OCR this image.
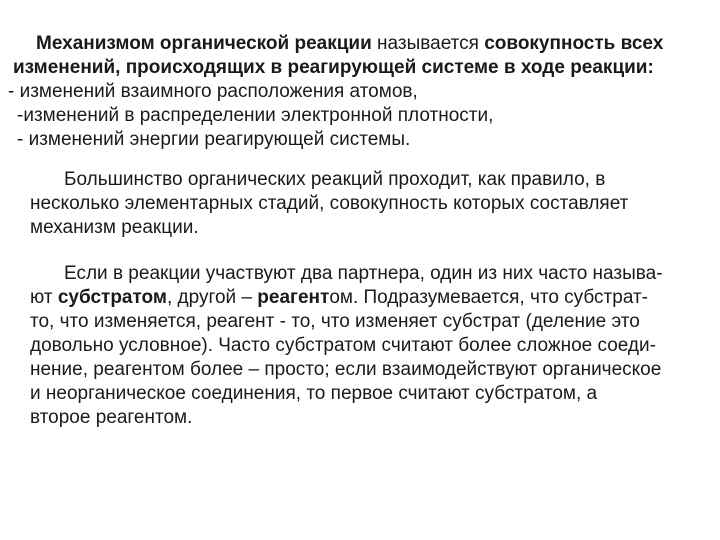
Механизмом органической реакции называется совокупность всех
изменений, происходящих в реагирующей системе в ходе реакции:
- изменений взаимного расположения атомов,
-изменений в распределении электронной плотности,
- изменений энергии реагирующей системы.
Большинство органических реакций проходит, как правило, в
несколько элементарных стадий, совокупность которых составляет
механизм реакции.
Если в реакции участвуют два партнера, один из них часто называ-
ют субстратом, другой – реагентом. Подразумевается, что субстрат-
то, что изменяется, реагент - то, что изменяет субстрат (деление это
довольно условное). Часто субстратом считают более сложное соеди-
нение, реагентом более – просто; если взаимодействуют органическое
и неорганическое соединения, то первое считают субстратом, а
второе реагентом.
